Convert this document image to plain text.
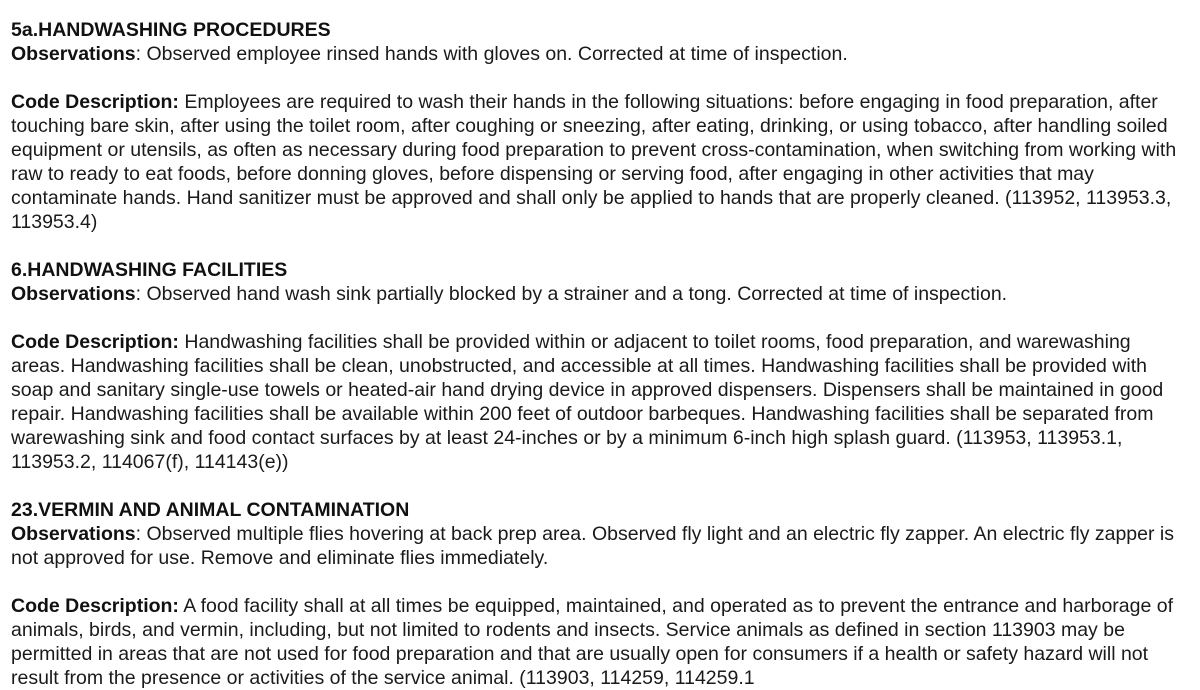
5a.HANDWASHING PROCEDURES

Observations: Observed employee rinsed hands with gloves on. Corrected at time of inspection.

Code Description: Employees are required to wash their hands in the following situations: before engaging in food preparation, after touching bare skin, after using the toilet room, after coughing or sneezing, after eating, drinking, or using tobacco, after handling soiled equipment or utensils, as often as necessary during food preparation to prevent cross-contamination, when switching from working with raw to ready to eat foods, before donning gloves, before dispensing or serving food, after engaging in other activities that may contaminate hands. Hand sanitizer must be approved and shall only be applied to hands that are properly cleaned. (113952, 113953.3, 113953.4)

6.HANDWASHING FACILITIES

Observations: Observed hand wash sink partially blocked by a strainer and a tong. Corrected at time of inspection.

Code Description: Handwashing facilities shall be provided within or adjacent to toilet rooms, food preparation, and warewashing areas. Handwashing facilities shall be clean, unobstructed, and accessible at all times. Handwashing facilities shall be provided with soap and sanitary single-use towels or heated-air hand drying device in approved dispensers. Dispensers shall be maintained in good repair. Handwashing facilities shall be available within 200 feet of outdoor barbeques. Handwashing facilities shall be separated from warewashing sink and food contact surfaces by at least 24-inches or by a minimum 6-inch high splash guard. (113953, 113953.1, 113953.2, 114067(f), 114143(e))

23.VERMIN AND ANIMAL CONTAMINATION

Observations: Observed multiple flies hovering at back prep area. Observed fly light and an electric fly zapper. An electric fly zapper is not approved for use. Remove and eliminate flies immediately.

Code Description: A food facility shall at all times be equipped, maintained, and operated as to prevent the entrance and harborage of animals, birds, and vermin, including, but not limited to rodents and insects. Service animals as defined in section 113903 may be permitted in areas that are not used for food preparation and that are usually open for consumers if a health or safety hazard will not result from the presence or activities of the service animal. (113903, 114259, 114259.1
